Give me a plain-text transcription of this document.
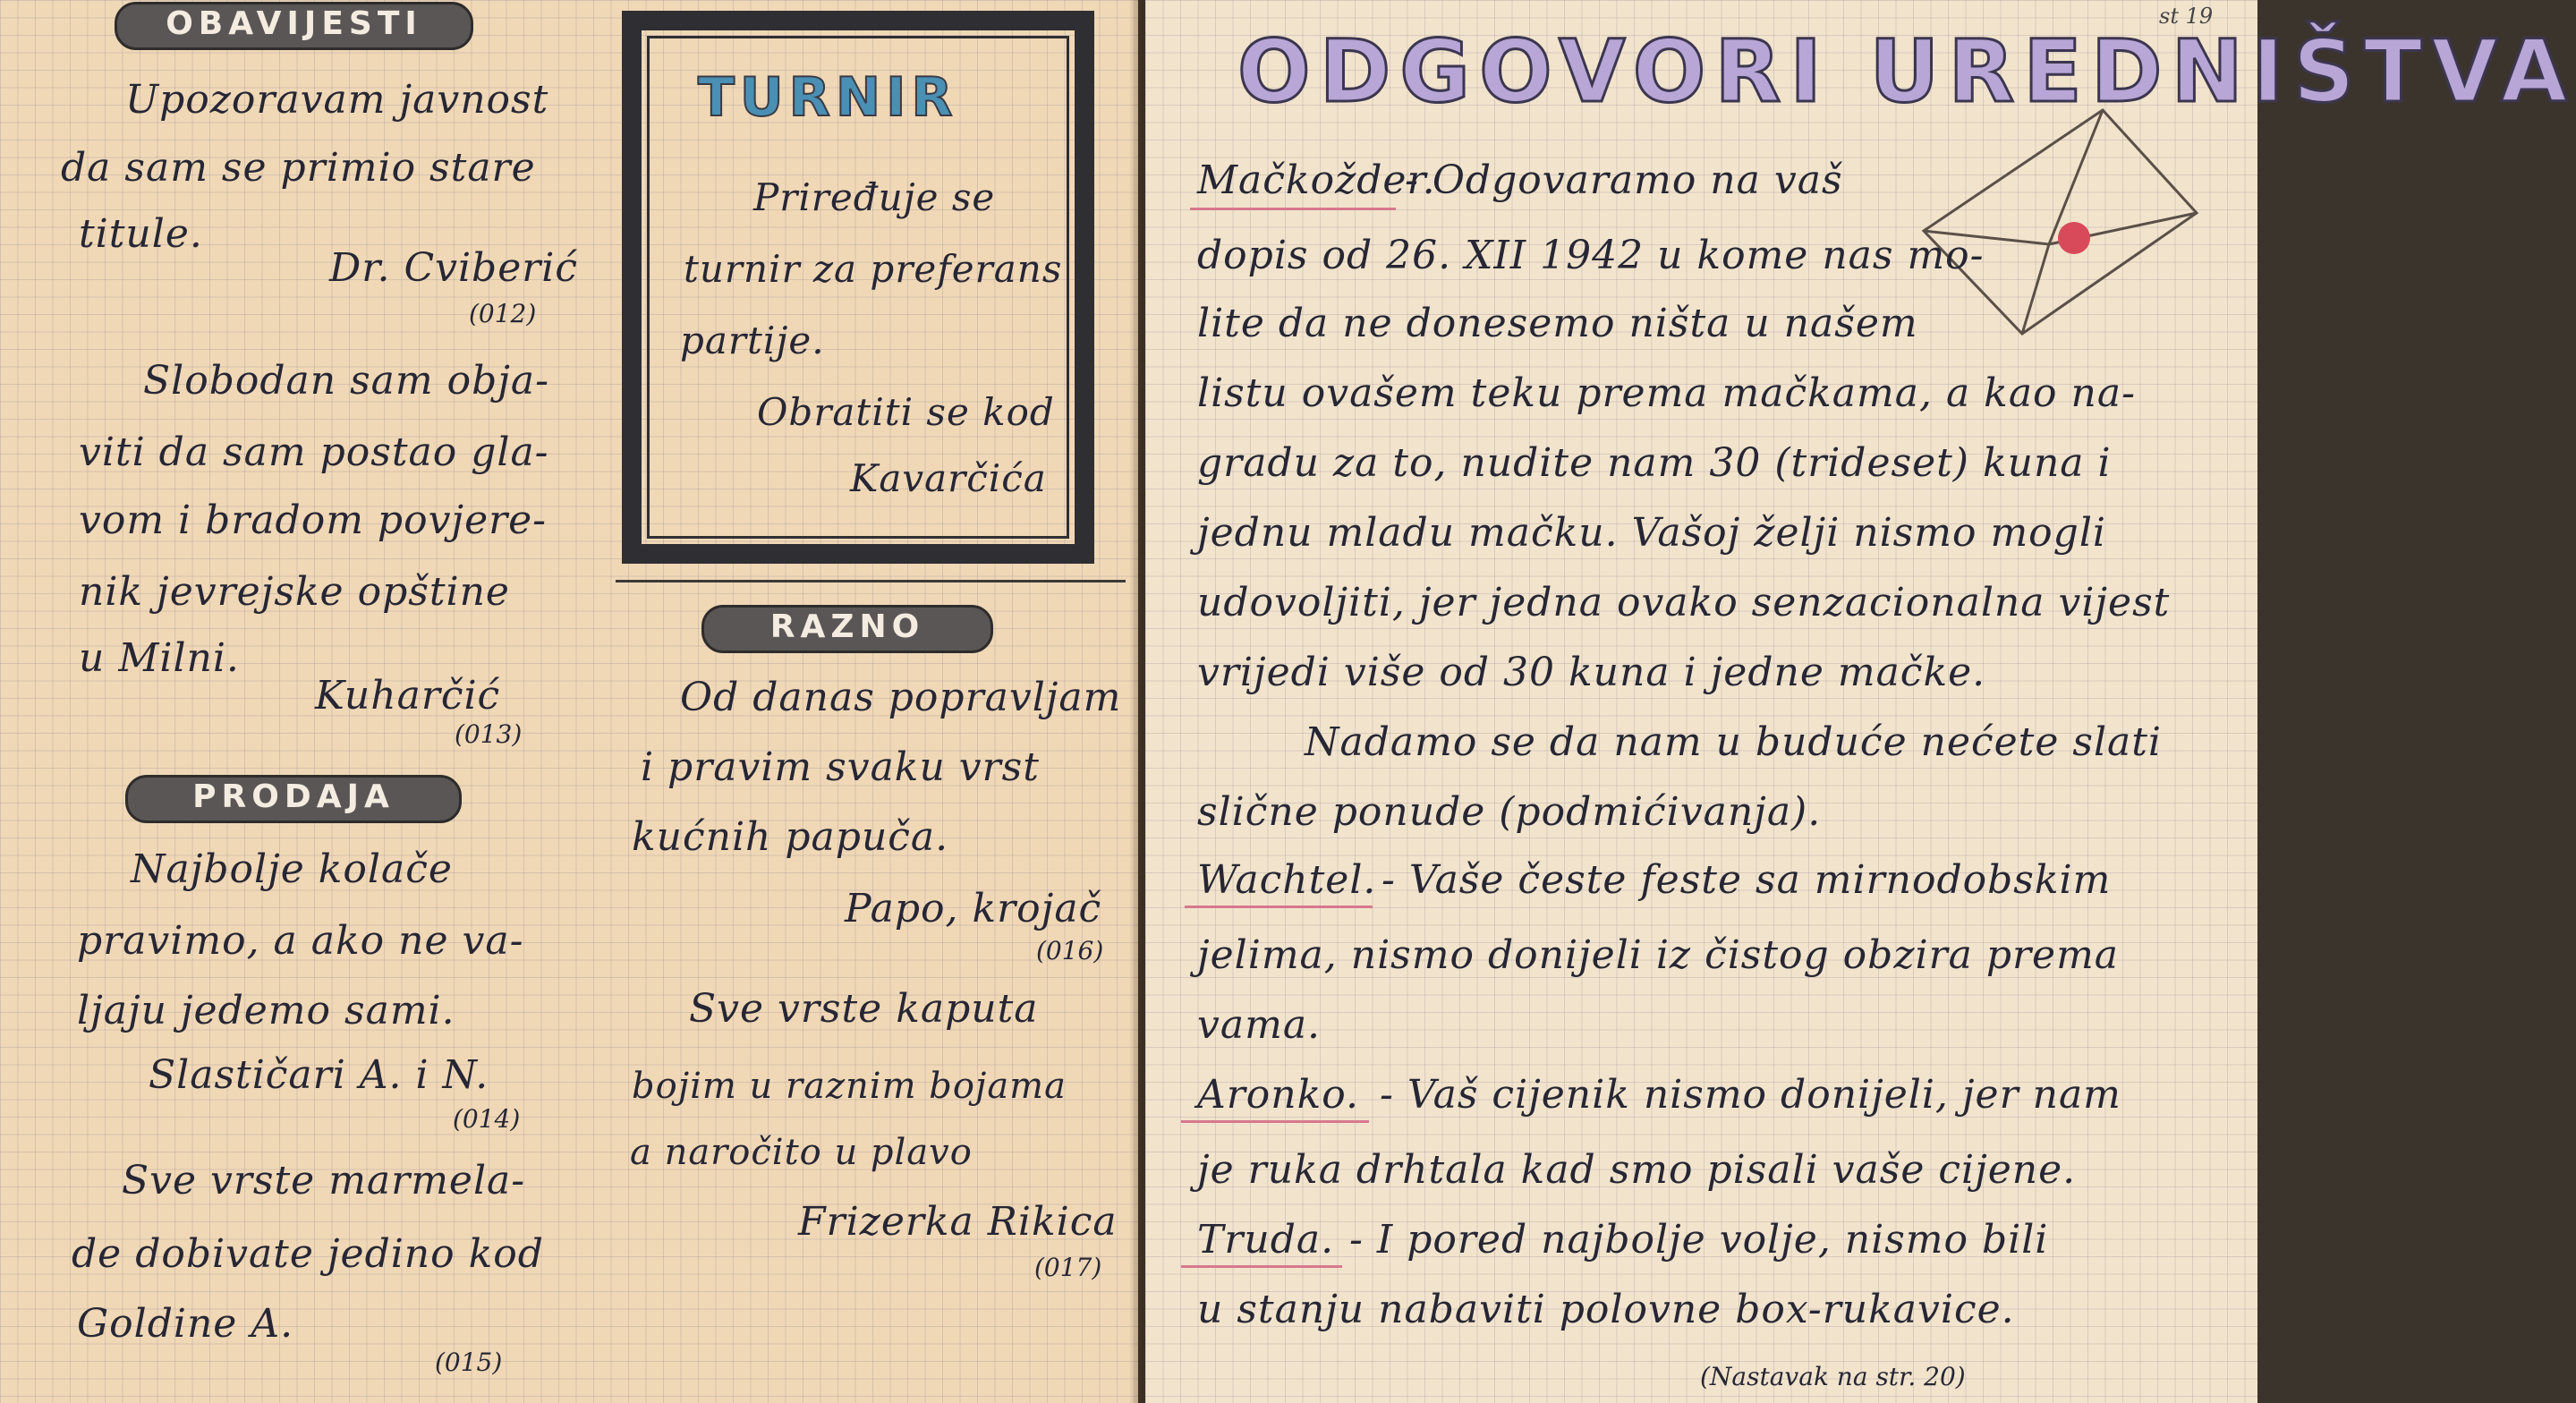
OBAVIJESTI
Upozoravam javnost
da sam se primio stare
titule.
Dr. Cviberić
(012)
Slobodan sam obja-
viti da sam postao gla-
vom i bradom povjere-
nik jevrejske opštine
u Milni.
Kuharčić
(013)
PRODAJA
Najbolje kolače
pravimo, a ako ne va-
ljaju jedemo sami.
Slastičari A. i N.
(014)
Sve vrste marmela-
de dobivate jedino kod
Goldine A.
(015)
TURNIR
Priređuje se
turnir za preferans
partije.
Obratiti se kod
Kavarčića
RAZNO
Od danas popravljam
i pravim svaku vrst
kućnih papuča.
Papo, krojač
(016)
Sve vrste kaputa
bojim u raznim bojama
a naročito u plavo
Frizerka Rikica
(017)
st 19
ODGOVORI UREDNIŠTVA
Mačkožder.
- Odgovaramo na vaš
dopis od 26. XII 1942 u kome nas mo-
lite da ne donesemo ništa u našem
listu ovašem teku prema mačkama, a kao na-
gradu za to, nudite nam 30 (trideset) kuna i
jednu mladu mačku. Vašoj želji nismo mogli
udovoljiti, jer jedna ovako senzacionalna vijest
vrijedi više od 30 kuna i jedne mačke.
Nadamo se da nam u buduće nećete slati
slične ponude (podmićivanja).
Wachtel. - Vaše česte feste sa mirnodobskim
jelima, nismo donijeli iz čistog obzira prema
vama.
Aronko. - Vaš cijenik nismo donijeli, jer nam
je ruka drhtala kad smo pisali vaše cijene.
Truda. - I pored najbolje volje, nismo bili
u stanju nabaviti polovne box-rukavice.
(Nastavak na str. 20)
